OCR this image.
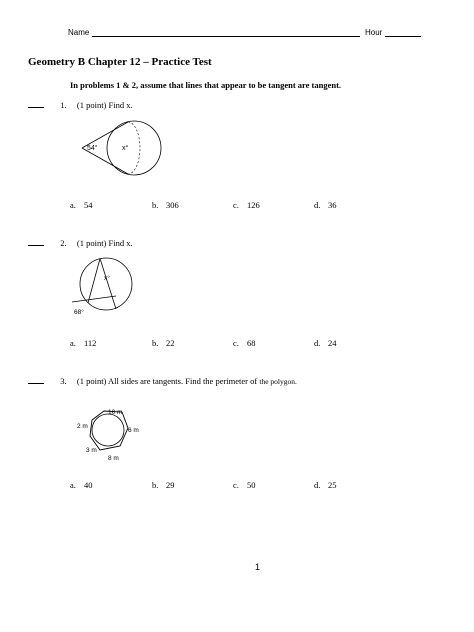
Name	Hour
Geometry B Chapter 12 – Practice Test
In problems 1 & 2, assume that lines that appear to be tangent are tangent.
1. (1 point) Find x.
54°	x°
a. 54	b. 306	c. 126	d. 36
2. (1 point) Find x.
x°
68°
a. 112	b. 22	c. 68	d. 24
3. (1 point) All sides are tangents. Find the perimeter of the polygon.
10 m
2 m
6 m
3 m
8 m
a. 40	b. 29	c. 50	d. 25
1
